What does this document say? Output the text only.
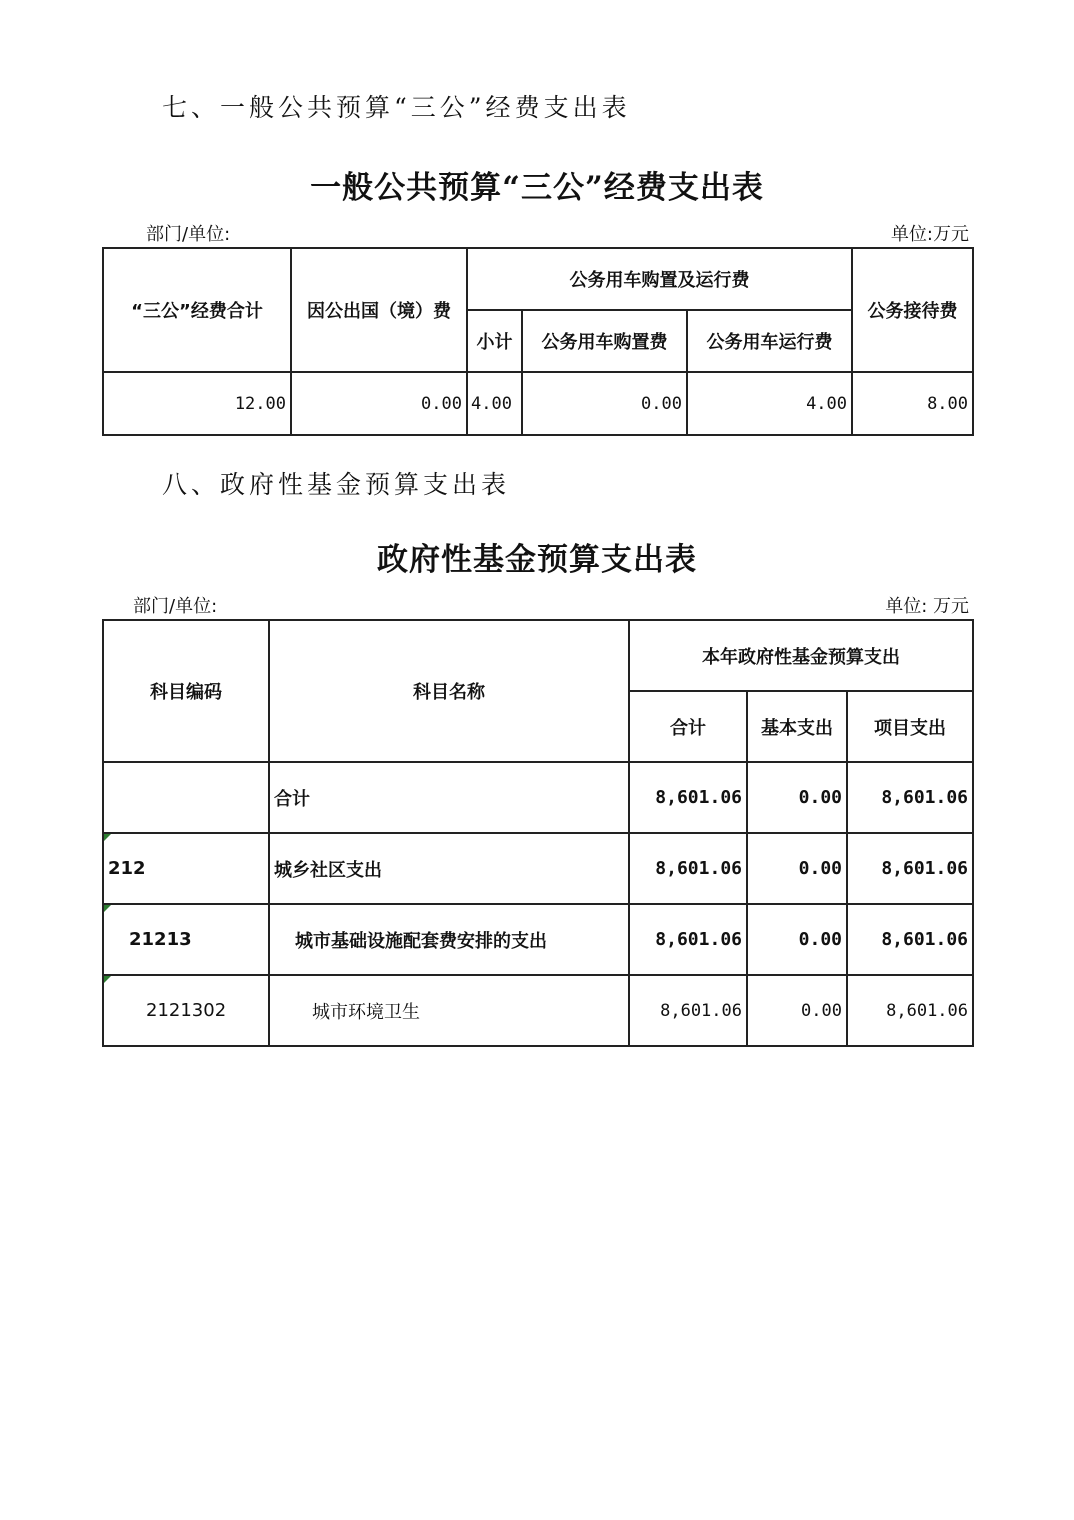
七、一般公共预算“三公”经费支出表
一般公共预算“三公”经费支出表
部门/单位:	单位:万元
“三公”经费合计	因公出国（境）费	公务用车购置及运行费			公务接待费
		小计	公务用车购置费	公务用车运行费	
12.00	0.00	4.00	0.00	4.00	8.00
八、政府性基金预算支出表
政府性基金预算支出表
部门/单位:	单位: 万元
科目编码	科目名称	本年政府性基金预算支出		
		合计	基本支出	项目支出
	合计	8,601.06	0.00	8,601.06
212	城乡社区支出	8,601.06	0.00	8,601.06
21213	城市基础设施配套费安排的支出	8,601.06	0.00	8,601.06
2121302	城市环境卫生	8,601.06	0.00	8,601.06
